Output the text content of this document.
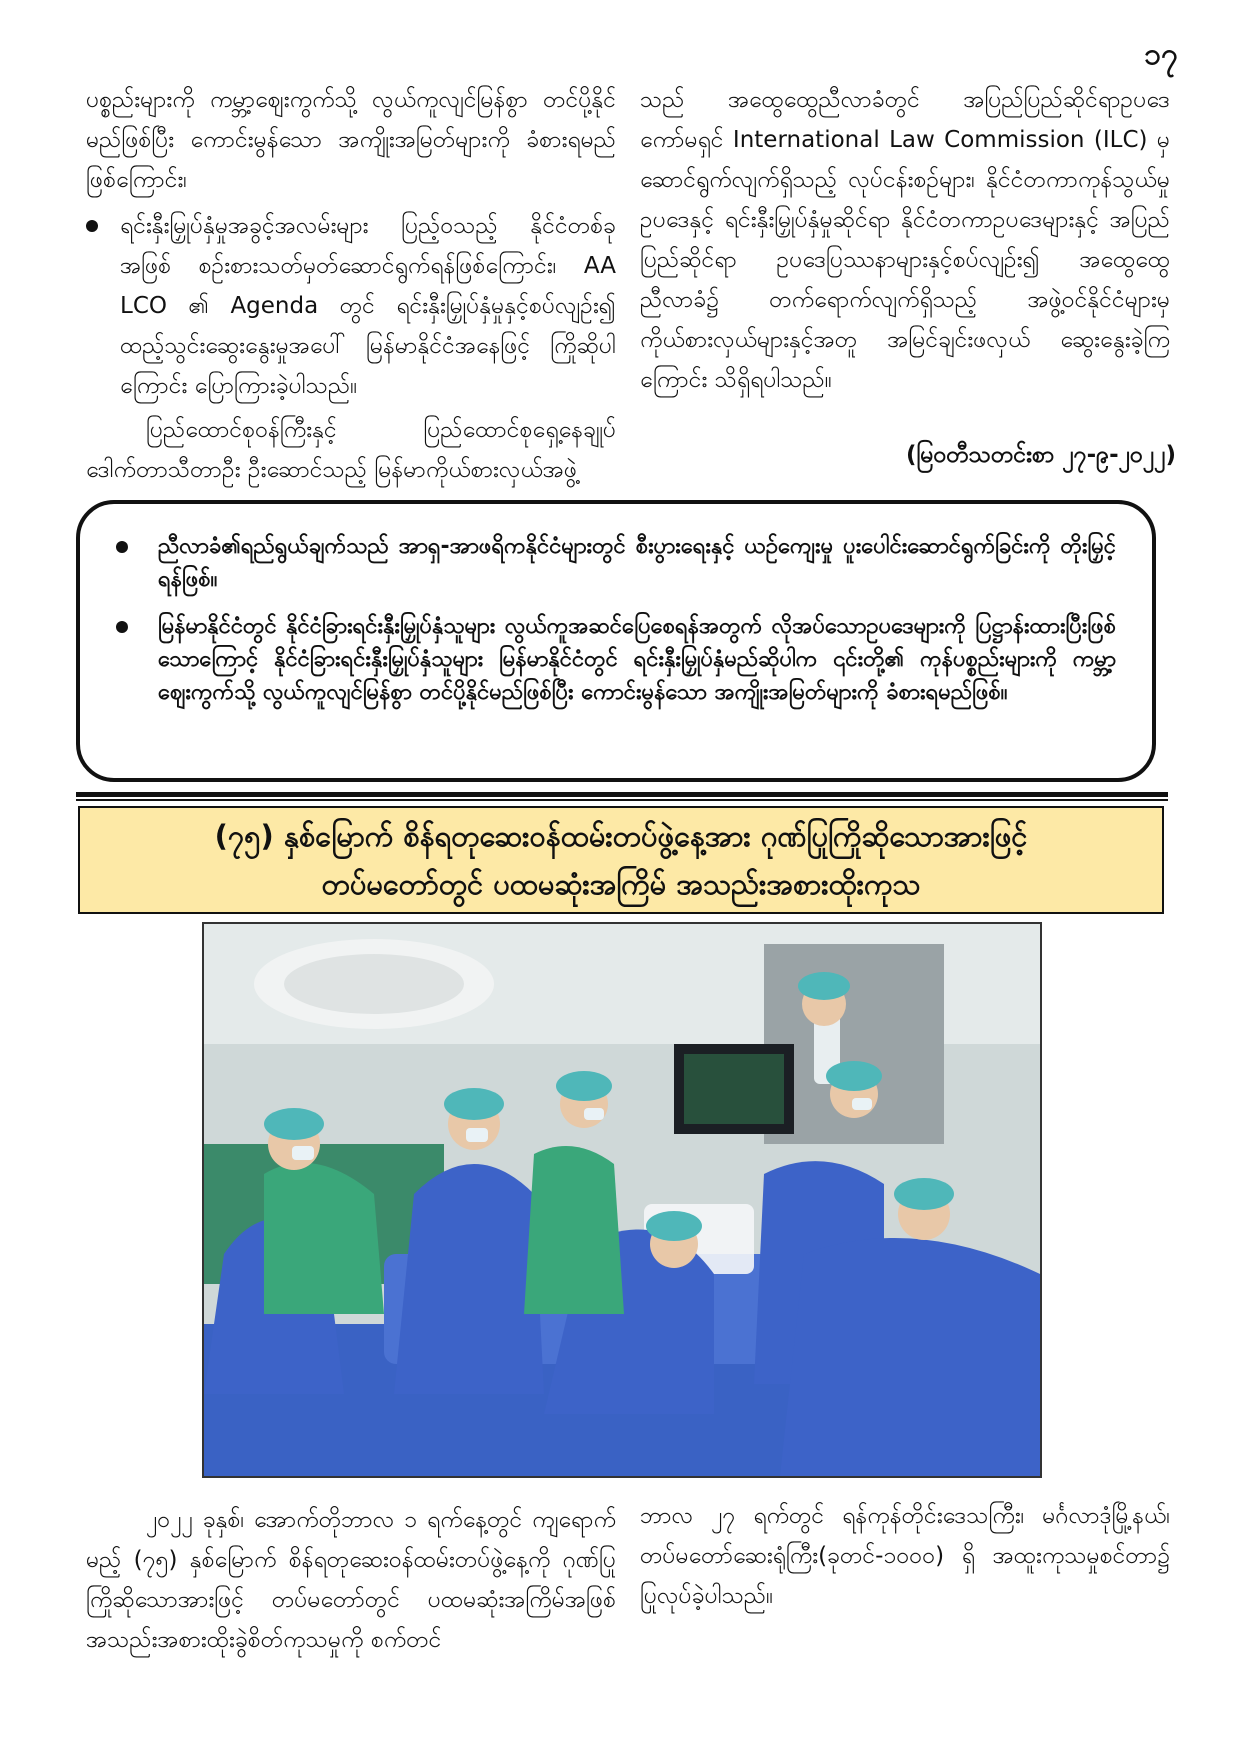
၁၇

ပစ္စည်းများကို ကမ္ဘာ့ဈေးကွက်သို့ လွယ်ကူလျင်မြန်စွာ တင်ပို့နိုင်မည်ဖြစ်ပြီး ကောင်းမွန်သော အကျိုးအမြတ်များကို ခံစားရမည်ဖြစ်ကြောင်း၊

ရင်းနှီးမြှုပ်နှံမှုအခွင့်အလမ်းများ ပြည့်ဝသည့် နိုင်ငံတစ်ခုအဖြစ် စဉ်းစားသတ်မှတ်ဆောင်ရွက်ရန်ဖြစ်ကြောင်း၊ AA LCO ၏ Agenda တွင် ရင်းနှီးမြှုပ်နှံမှုနှင့်စပ်လျဉ်း၍ ထည့်သွင်းဆွေးနွေးမှုအပေါ် မြန်မာနိုင်ငံအနေဖြင့် ကြိုဆိုပါကြောင်း ပြောကြားခဲ့ပါသည်။

ပြည်ထောင်စုဝန်ကြီးနှင့် ပြည်ထောင်စုရှေ့နေချုပ် ဒေါက်တာသီတာဦး ဦးဆောင်သည့် မြန်မာကိုယ်စားလှယ်အဖွဲ့

သည် အထွေထွေညီလာခံတွင် အပြည်ပြည်ဆိုင်ရာဥပဒေကော်မရှင် International Law Commission (ILC) မှ ဆောင်ရွက်လျက်ရှိသည့် လုပ်ငန်းစဉ်များ၊ နိုင်ငံတကာကုန်သွယ်မှုဥပဒေနှင့် ရင်းနှီးမြှုပ်နှံမှုဆိုင်ရာ နိုင်ငံတကာဥပဒေများနှင့် အပြည်ပြည်ဆိုင်ရာ ဥပဒေပြဿနာများနှင့်စပ်လျဉ်း၍ အထွေထွေညီလာခံ၌ တက်ရောက်လျက်ရှိသည့် အဖွဲ့ဝင်နိုင်ငံများမှ ကိုယ်စားလှယ်များနှင့်အတူ အမြင်ချင်းဖလှယ် ဆွေးနွေးခဲ့ကြကြောင်း သိရှိရပါသည်။

(မြဝတီသတင်းစာ ၂၇-၉-၂၀၂၂)

ညီလာခံ၏ရည်ရွယ်ချက်သည် အာရှ-အာဖရိကနိုင်ငံများတွင် စီးပွားရေးနှင့် ယဉ်ကျေးမှု ပူးပေါင်းဆောင်ရွက်ခြင်းကို တိုးမြှင့်ရန်ဖြစ်။

မြန်မာနိုင်ငံတွင် နိုင်ငံခြားရင်းနှီးမြှုပ်နှံသူများ လွယ်ကူအဆင်ပြေစေရန်အတွက် လိုအပ်သောဥပဒေများကို ပြဋ္ဌာန်းထားပြီးဖြစ်သောကြောင့် နိုင်ငံခြားရင်းနှီးမြှုပ်နှံသူများ မြန်မာနိုင်ငံတွင် ရင်းနှီးမြှုပ်နှံမည်ဆိုပါက ၎င်းတို့၏ ကုန်ပစ္စည်းများကို ကမ္ဘာ့ဈေးကွက်သို့ လွယ်ကူလျင်မြန်စွာ တင်ပို့နိုင်မည်ဖြစ်ပြီး ကောင်းမွန်သော အကျိုးအမြတ်များကို ခံစားရမည်ဖြစ်။

(၇၅) နှစ်မြောက် စိန်ရတုဆေးဝန်ထမ်းတပ်ဖွဲ့နေ့အား ဂုဏ်ပြုကြိုဆိုသောအားဖြင့်
တပ်မတော်တွင် ပထမဆုံးအကြိမ် အသည်းအစားထိုးကုသ

၂၀၂၂ ခုနှစ်၊ အောက်တိုဘာလ ၁ ရက်နေ့တွင် ကျရောက်မည့် (၇၅) နှစ်မြောက် စိန်ရတုဆေးဝန်ထမ်းတပ်ဖွဲ့နေ့ကို ဂုဏ်ပြုကြိုဆိုသောအားဖြင့် တပ်မတော်တွင် ပထမဆုံးအကြိမ်အဖြစ် အသည်းအစားထိုးခွဲစိတ်ကုသမှုကို စက်တင်

ဘာလ ၂၇ ရက်တွင် ရန်ကုန်တိုင်းဒေသကြီး၊ မင်္ဂလာဒုံမြို့နယ်၊ တပ်မတော်ဆေးရုံကြီး(ခုတင်-၁၀၀၀) ရှိ အထူးကုသမှုစင်တာ၌ ပြုလုပ်ခဲ့ပါသည်။
